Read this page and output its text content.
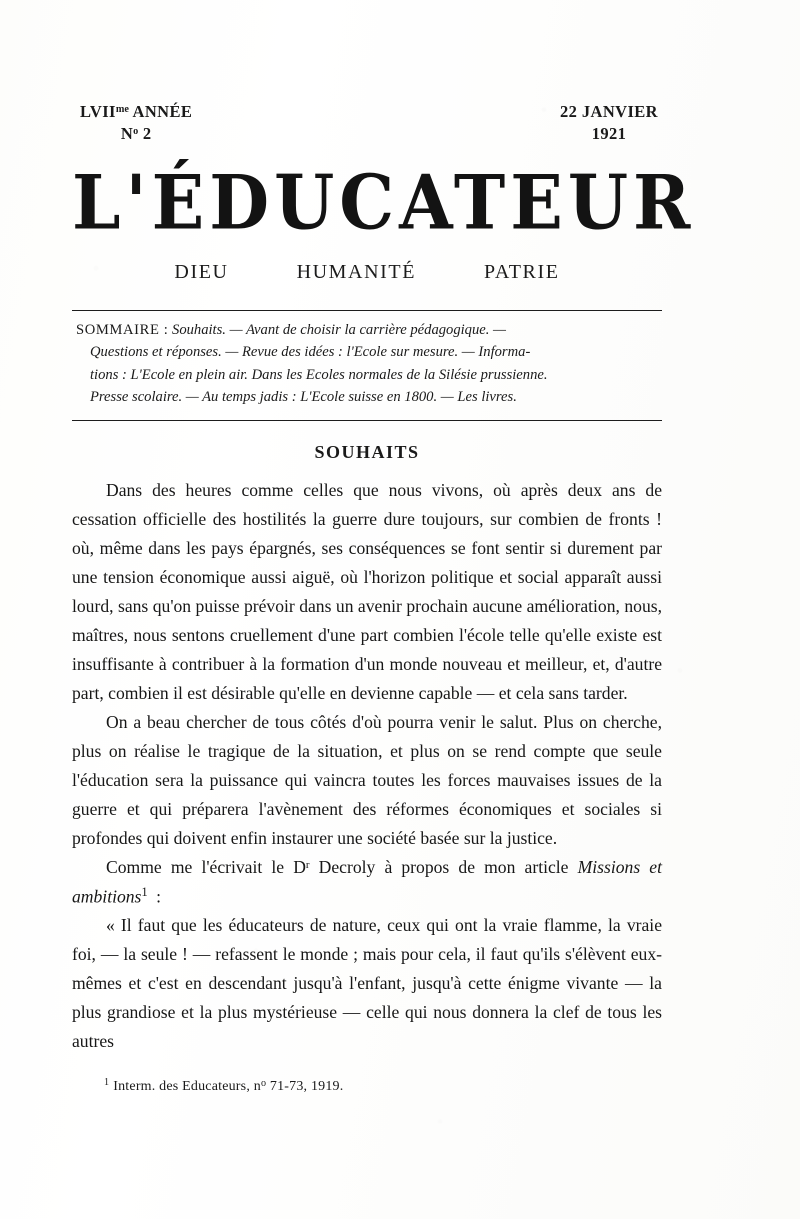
$LVII^{me}$ ANNÉE
$N^o$ 2
22 JANVIER
1921
L'ÉDUCATEUR
DIEU	HUMANITÉ	PATRIE

SOMMAIRE : Souhaits. — Avant de choisir la carrière pédagogique. —
Questions et réponses. — Revue des idées : l'Ecole sur mesure. — Informa-
tions : L'Ecole en plein air. Dans les Ecoles normales de la Silésie prussienne.
Presse scolaire. — Au temps jadis : L'Ecole suisse en 1800. — Les livres.

SOUHAITS

Dans des heures comme celles que nous vivons, où après deux ans de cessation officielle des hostilités la guerre dure toujours, sur combien de fronts ! où, même dans les pays épargnés, ses conséquences se font sentir si durement par une tension économique aussi aiguë, où l'horizon politique et social apparaît aussi lourd, sans qu'on puisse prévoir dans un avenir prochain aucune amélioration, nous, maîtres, nous sentons cruellement d'une part combien l'école telle qu'elle existe est insuffisante à contribuer à la formation d'un monde nouveau et meilleur, et, d'autre part, combien il est désirable qu'elle en devienne capable — et cela sans tarder.

On a beau chercher de tous côtés d'où pourra venir le salut. Plus on cherche, plus on réalise le tragique de la situation, et plus on se rend compte que seule l'éducation sera la puissance qui vaincra toutes les forces mauvaises issues de la guerre et qui préparera l'avènement des réformes économiques et sociales si profondes qui doivent enfin instaurer une société basée sur la justice.

Comme me l'écrivait le $D^r$ Decroly à propos de mon article Missions et ambitions$^1$ :

« Il faut que les éducateurs de nature, ceux qui ont la vraie flamme, la vraie foi, — la seule ! — refassent le monde ; mais pour cela, il faut qu'ils s'élèvent eux-mêmes et c'est en descendant jusqu'à l'enfant, jusqu'à cette énigme vivante — la plus grandiose et la plus mystérieuse — celle qui nous donnera la clef de tous les autres

$^1$ Interm. des Educateurs, $n^o$ 71-73, 1919.
